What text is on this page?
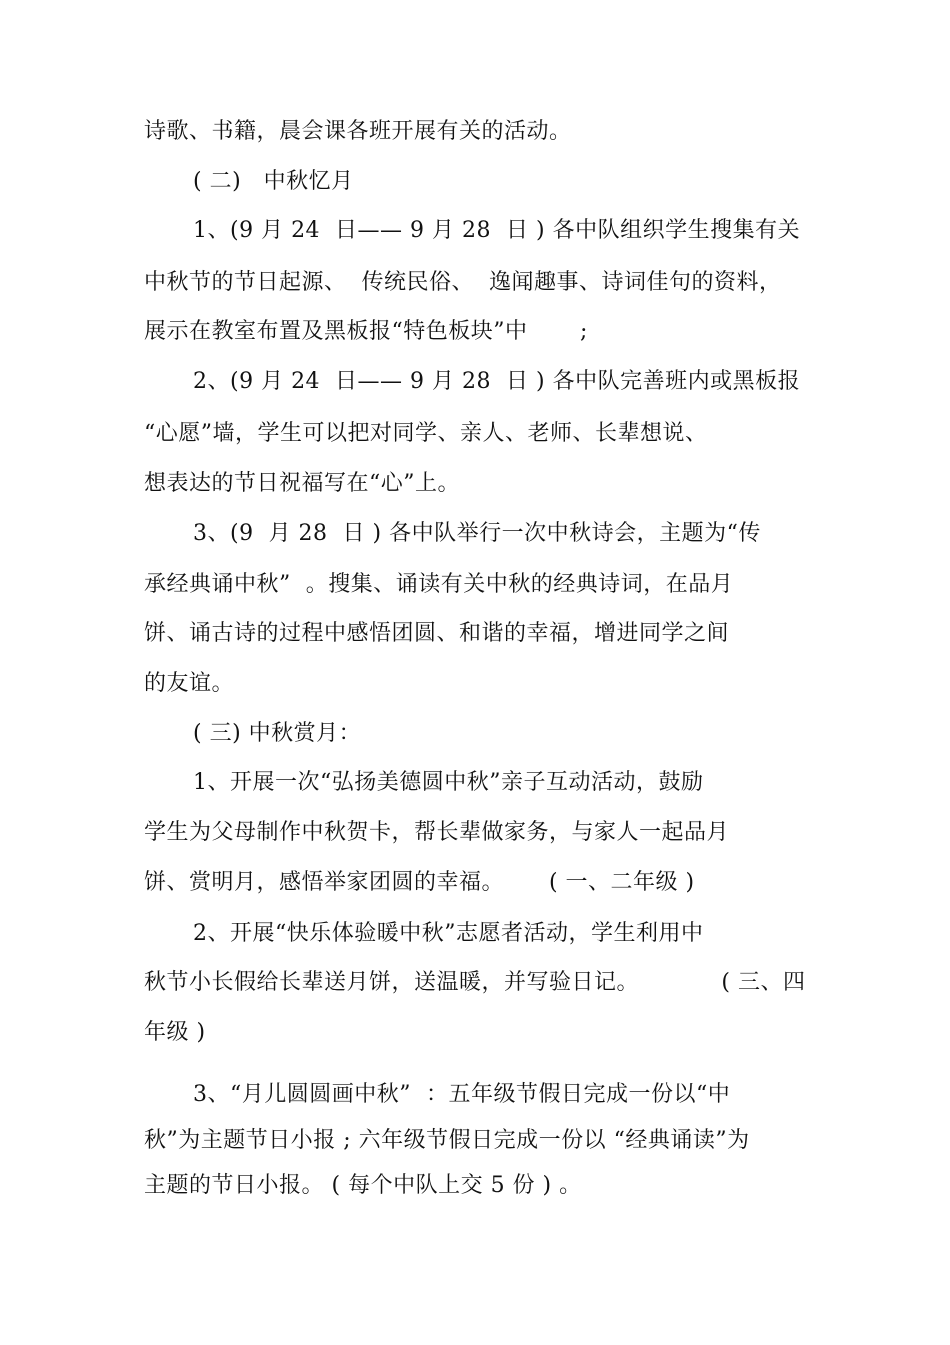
诗歌、书籍，晨会课各班开展有关的活动。
( 二)   中秋忆月
1、(9 月 24  日—— 9 月 28  日 ) 各中队组织学生搜集有关
中秋节的节日起源、  传统民俗、  逸闻趣事、诗词佳句的资料，
展示在教室布置及黑板报“特色板块”中       ;
2、(9 月 24  日—— 9 月 28  日 ) 各中队完善班内或黑板报
“心愿”墙，学生可以把对同学、亲人、老师、长辈想说、
想表达的节日祝福写在“心”上。
3、(9  月 28  日 ) 各中队举行一次中秋诗会，主题为“传
承经典诵中秋”  。搜集、诵读有关中秋的经典诗词，在品月
饼、诵古诗的过程中感悟团圆、和谐的幸福，增进同学之间
的友谊。
( 三) 中秋赏月：
1、开展一次“弘扬美德圆中秋”亲子互动活动，鼓励
学生为父母制作中秋贺卡，帮长辈做家务，与家人一起品月
饼、赏明月，感悟举家团圆的幸福。      ( 一、二年级 )
2、开展“快乐体验暖中秋”志愿者活动，学生利用中
秋节小长假给长辈送月饼，送温暖，并写验日记。           ( 三、四
年级 )
3、“月儿圆圆画中秋”  ：五年级节假日完成一份以“中
秋”为主题节日小报 ; 六年级节假日完成一份以 “经典诵读”为
主题的节日小报。 ( 每个中队上交 5 份 ) 。
